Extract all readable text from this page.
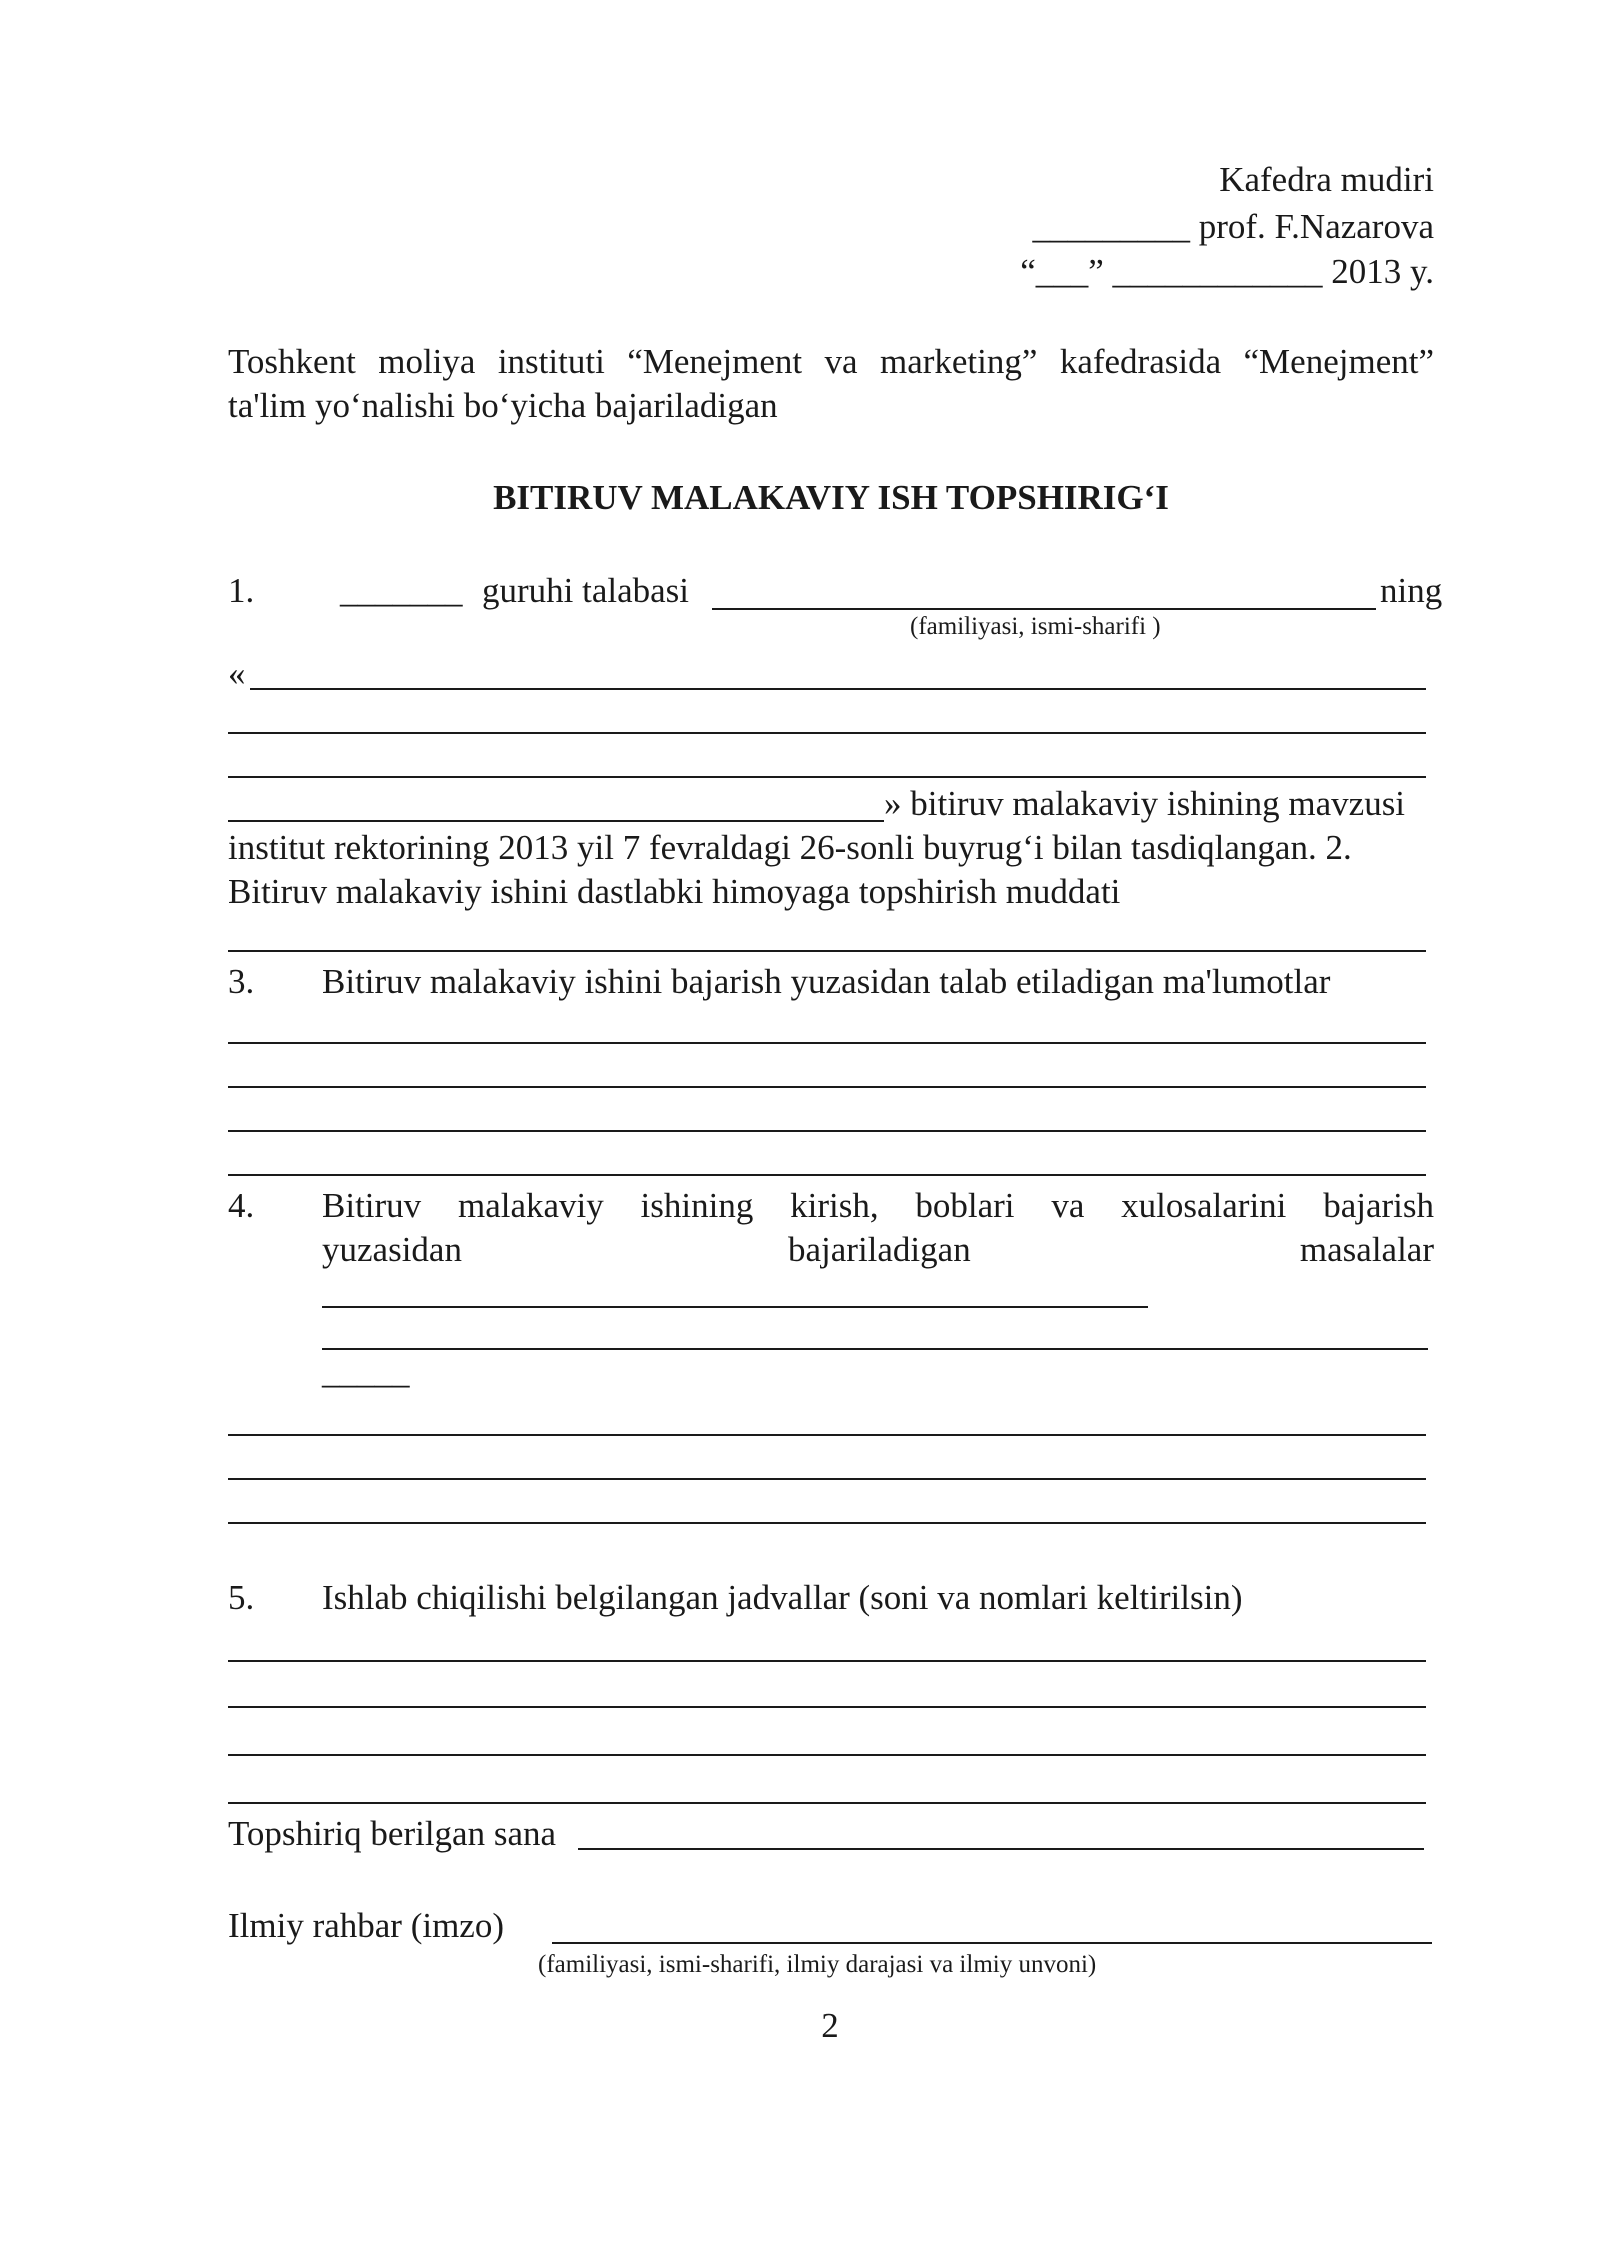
Kafedra mudiri
_________ prof. F.Nazarova
“___” ____________ 2013 y.
Toshkent moliya instituti “Menejment va marketing” kafedrasida “Menejment”
ta'lim yo‘nalishi bo‘yicha bajariladigan
BITIRUV MALAKAVIY ISH TOPSHIRIG‘I
1. _______ guruhi talabasi	ning
(familiyasi, ismi-sharifi )
«
» bitiruv malakaviy ishining mavzusi
institut rektorining 2013 yil 7 fevraldagi 26-sonli buyrug‘i bilan tasdiqlangan. 2.
Bitiruv malakaviy ishini dastlabki himoyaga topshirish muddati
3. Bitiruv malakaviy ishini bajarish yuzasidan talab etiladigan ma'lumotlar
4. Bitiruv malakaviy ishining kirish, boblari va xulosalarini bajarish
yuzasidan	bajariladigan	masalalar
_____
5. Ishlab chiqilishi belgilangan jadvallar (soni va nomlari keltirilsin)
Topshiriq berilgan sana
Ilmiy rahbar (imzo)
(familiyasi, ismi-sharifi, ilmiy darajasi va ilmiy unvoni)
2
